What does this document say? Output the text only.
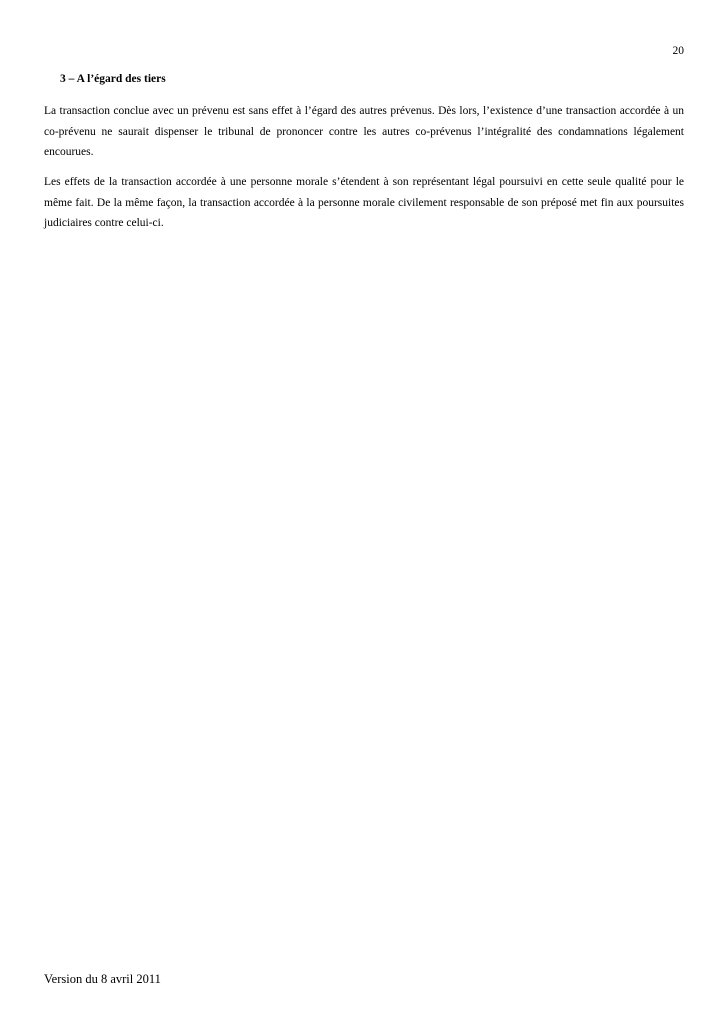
20
3 – A l’égard des tiers

La transaction conclue avec un prévenu est sans effet à l’égard des autres prévenus. Dès lors, l’existence d’une transaction accordée à un co-prévenu ne saurait dispenser le tribunal de prononcer contre les autres co-prévenus l’intégralité des condamnations légalement encourues.

Les effets de la transaction accordée à une personne morale s’étendent à son représentant légal poursuivi en cette seule qualité pour le même fait. De la même façon, la transaction accordée à la personne morale civilement responsable de son préposé met fin aux poursuites judiciaires contre celui-ci.

Version du 8 avril 2011
